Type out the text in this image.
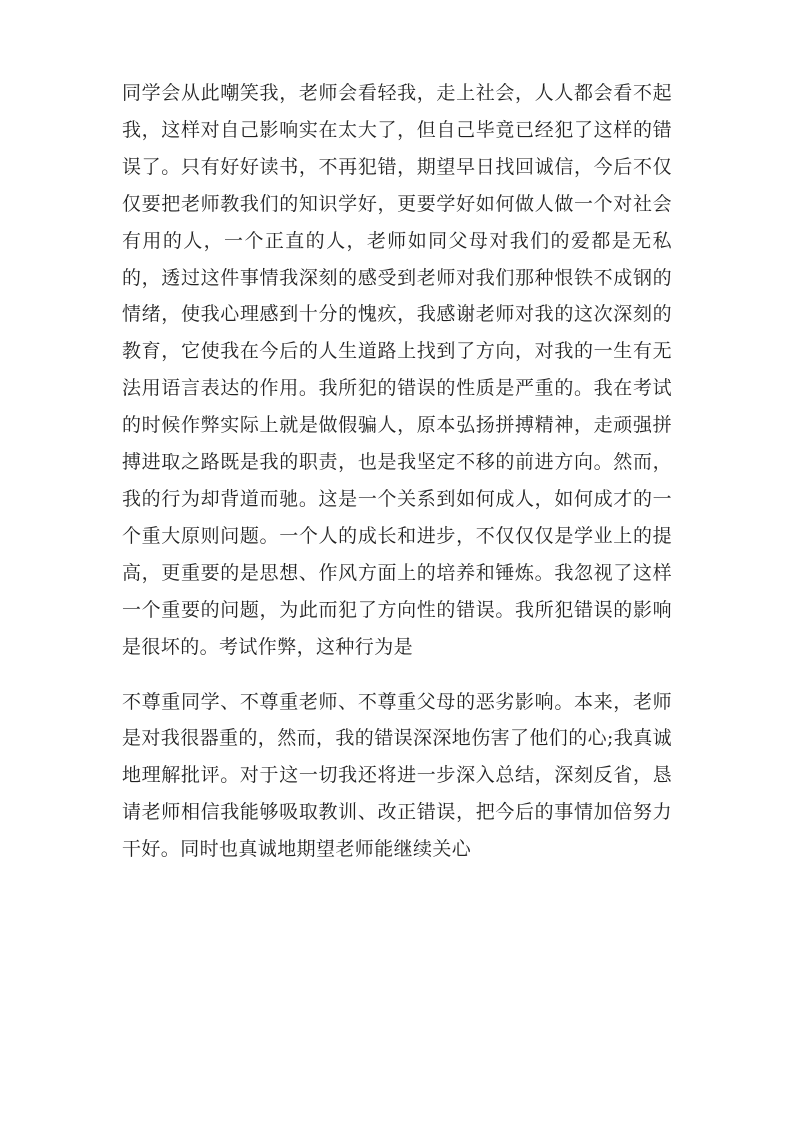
同学会从此嘲笑我，老师会看轻我，走上社会，人人都会看不起我，这样对自己影响实在太大了，但自己毕竟已经犯了这样的错误了。只有好好读书，不再犯错，期望早日找回诚信，今后不仅仅要把老师教我们的知识学好，更要学好如何做人做一个对社会有用的人，一个正直的人，老师如同父母对我们的爱都是无私的，透过这件事情我深刻的感受到老师对我们那种恨铁不成钢的情绪，使我心理感到十分的愧疚，我感谢老师对我的这次深刻的教育，它使我在今后的人生道路上找到了方向，对我的一生有无法用语言表达的作用。我所犯的错误的性质是严重的。我在考试的时候作弊实际上就是做假骗人，原本弘扬拼搏精神，走顽强拼搏进取之路既是我的职责，也是我坚定不移的前进方向。然而，我的行为却背道而驰。这是一个关系到如何成人，如何成才的一个重大原则问题。一个人的成长和进步，不仅仅仅是学业上的提高，更重要的是思想、作风方面上的培养和锤炼。我忽视了这样一个重要的问题，为此而犯了方向性的错误。我所犯错误的影响是很坏的。考试作弊，这种行为是

不尊重同学、不尊重老师、不尊重父母的恶劣影响。本来，老师是对我很器重的，然而，我的错误深深地伤害了他们的心;我真诚地理解批评。对于这一切我还将进一步深入总结，深刻反省，恳请老师相信我能够吸取教训、改正错误，把今后的事情加倍努力干好。同时也真诚地期望老师能继续关心
